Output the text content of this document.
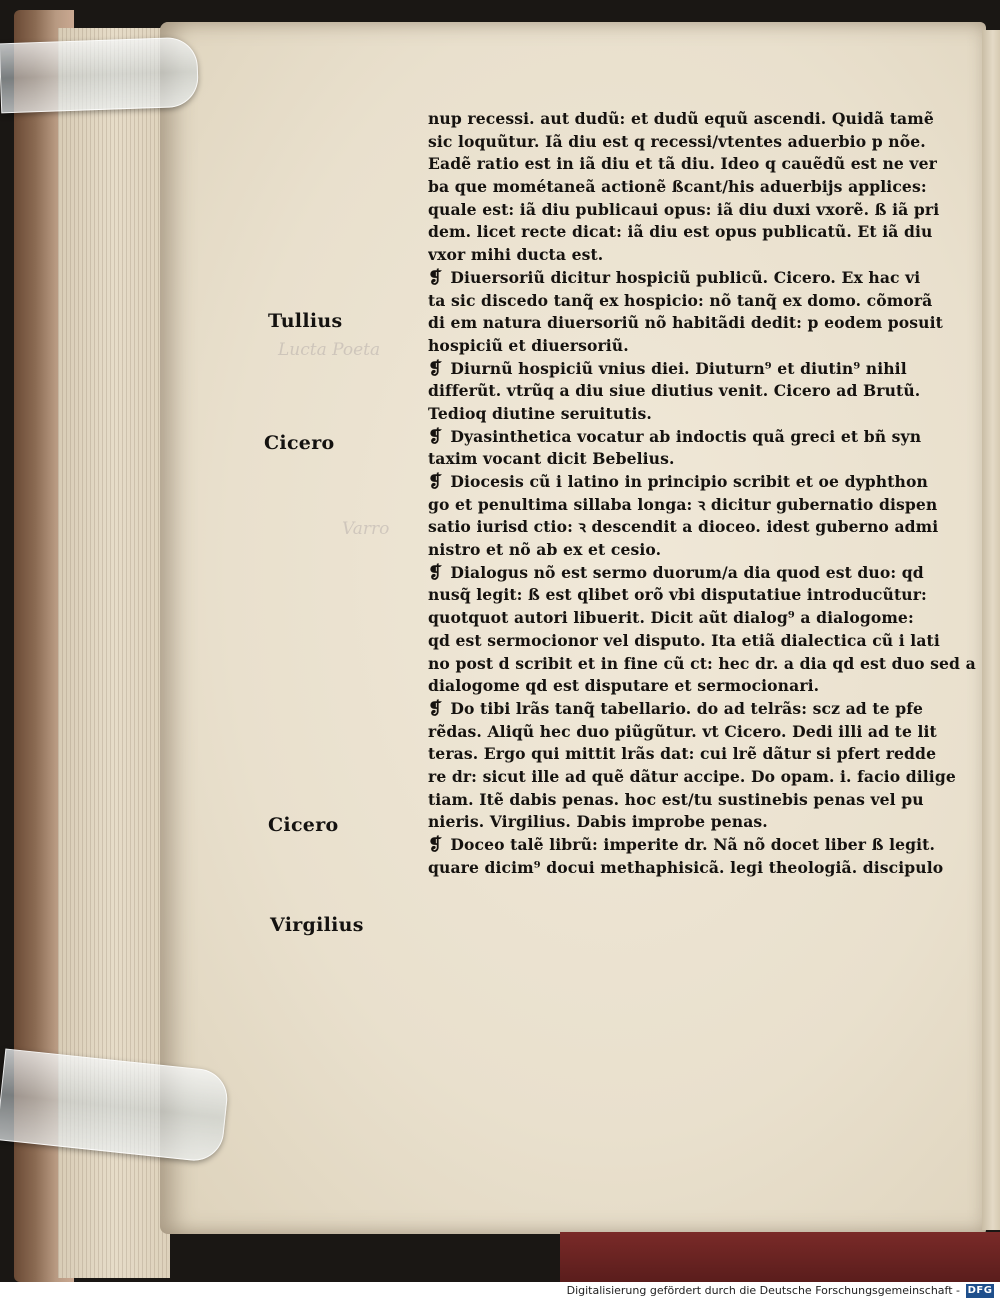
Lucta Poeta
Varro
Tullius
Cicero
Cicero
Virgilius
nup recessi. aut dudũ: et dudũ equũ ascendi. Quidã tamẽ
sic loquũtur. Iã diu est q recessi/vtentes aduerbio p nõe.
Eadẽ ratio est in iã diu et tã diu. Ideo q cauẽdũ est ne ver
ba que mométaneã actionẽ ßcant/his aduerbijs applices:
quale est: iã diu publicaui opus: iã diu duxi vxorẽ. ß iã pri
dem. licet recte dicat: iã diu est opus publicatũ. Et iã diu
vxor mihi ducta est.
❡ Diuersoriũ dicitur hospiciũ publicũ. Cicero. Ex hac vi
ta sic discedo tanq̃ ex hospicio: nõ tanq̃ ex domo. cõmorã
di em natura diuersoriũ nõ habitãdi dedit: p eodem posuit
hospiciũ et diuersoriũ.
❡ Diurnũ hospiciũ vnius diei. Diuturn⁹ et diutin⁹ nihil
differũt. vtrũq a diu siue diutius venit. Cicero ad Brutũ.
Tedioq diutine seruitutis.
❡ Dyasinthetica vocatur ab indoctis quã greci et bñ syn
taxim vocant dicit Bebelius.
❡ Diocesis cũ i latino in principio scribit et oe dyphthon
go et penultima sillaba longa: ꝛ dicitur gubernatio dispen
satio iurisd ctio: ꝛ descendit a dioceo. idest guberno admi
nistro et nõ ab ex et cesio.
❡ Dialogus nõ est sermo duorum/a dia quod est duo: qd
nusq̃ legit: ß est qlibet orõ vbi disputatiue introducũtur:
quotquot autori libuerit. Dicit aũt dialog⁹ a dialogome:
qd est sermocionor vel disputo. Ita etiã dialectica cũ i lati
no post d scribit et in fine cũ ct: hec dr. a dia qd est duo sed a
dialogome qd est disputare et sermocionari.
❡ Do tibi lrãs tanq̃ tabellario. do ad telrãs: scz ad te pfe
rẽdas. Aliqũ hec duo piũgũtur. vt Cicero. Dedi illi ad te lit
teras. Ergo qui mittit lrãs dat: cui lrẽ dãtur si pfert redde
re dr: sicut ille ad quẽ dãtur accipe. Do opam. i. facio dilige
tiam. Itẽ dabis penas. hoc est/tu sustinebis penas vel pu
nieris. Virgilius. Dabis improbe penas.
❡ Doceo talẽ librũ: imperite dr. Nã nõ docet liber ß legit.
quare dicim⁹ docui methaphisicã. legi theologiã. discipulo
Digitalisierung gefördert durch die Deutsche Forschungsgemeinschaft - DFG
